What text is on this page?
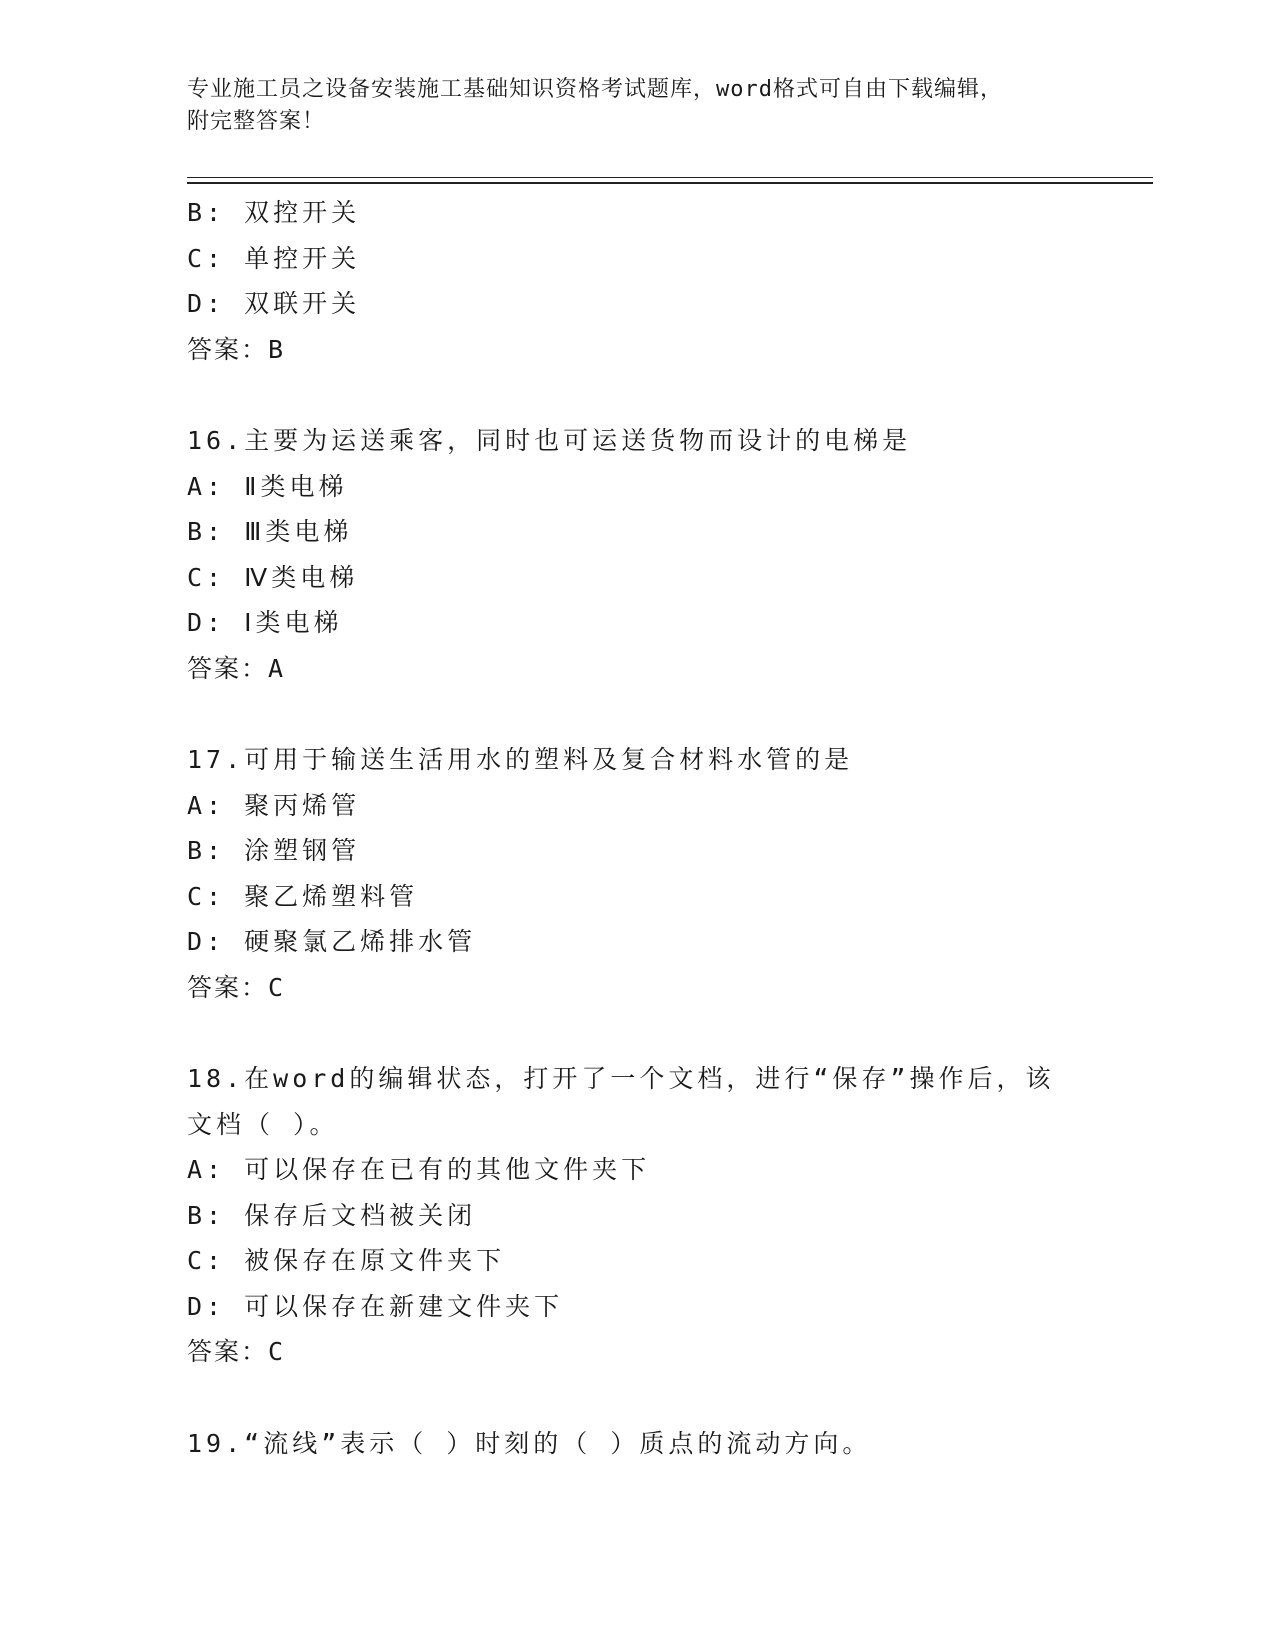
专业施工员之设备安装施工基础知识资格考试题库，word格式可自由下载编辑，
附完整答案！
B: 双控开关
C: 单控开关
D: 双联开关
答案：B
16.主要为运送乘客，同时也可运送货物而设计的电梯是
A: Ⅱ类电梯
B: Ⅲ类电梯
C: Ⅳ类电梯
D: Ⅰ类电梯
答案：A
17.可用于输送生活用水的塑料及复合材料水管的是
A: 聚丙烯管
B: 涂塑钢管
C: 聚乙烯塑料管
D: 硬聚氯乙烯排水管
答案：C
18.在word的编辑状态，打开了一个文档，进行“保存”操作后，该
文档（ ）。
A: 可以保存在已有的其他文件夹下
B: 保存后文档被关闭
C: 被保存在原文件夹下
D: 可以保存在新建文件夹下
答案：C
19.“流线”表示（ ）时刻的（ ）质点的流动方向。
